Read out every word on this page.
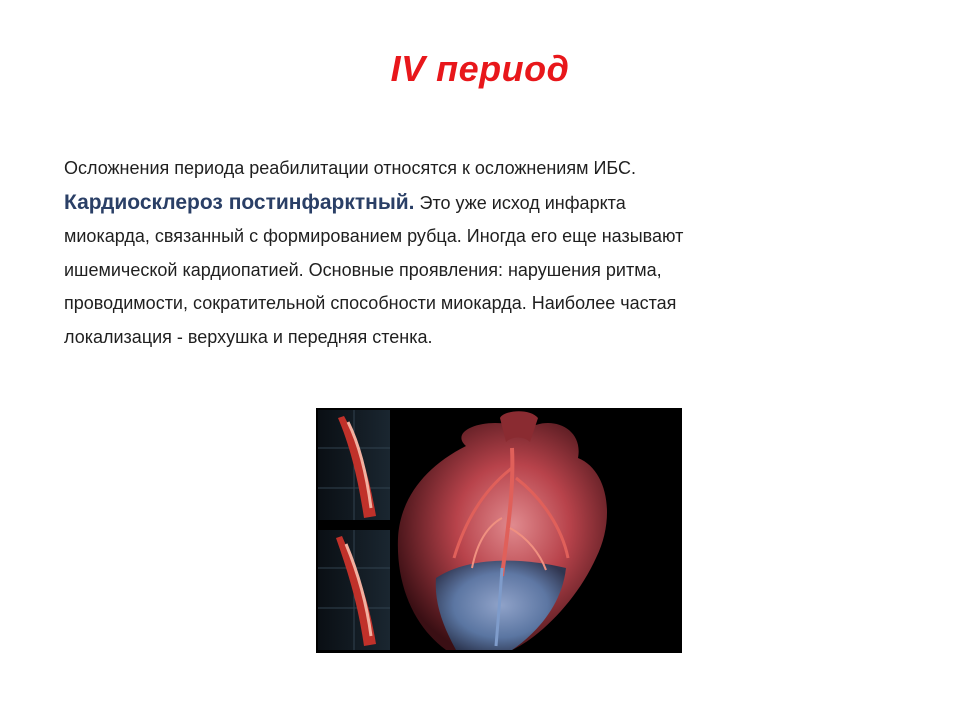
IV период
Осложнения периода реабилитации относятся к осложнениям ИБС.
Кардиосклероз постинфарктный. Это уже исход инфаркта
миокарда, связанный с формированием рубца. Иногда его еще называют
ишемической кардиопатией. Основные проявления: нарушения ритма,
проводимости, сократительной способности миокарда. Наиболее частая
локализация - верхушка и передняя стенка.
